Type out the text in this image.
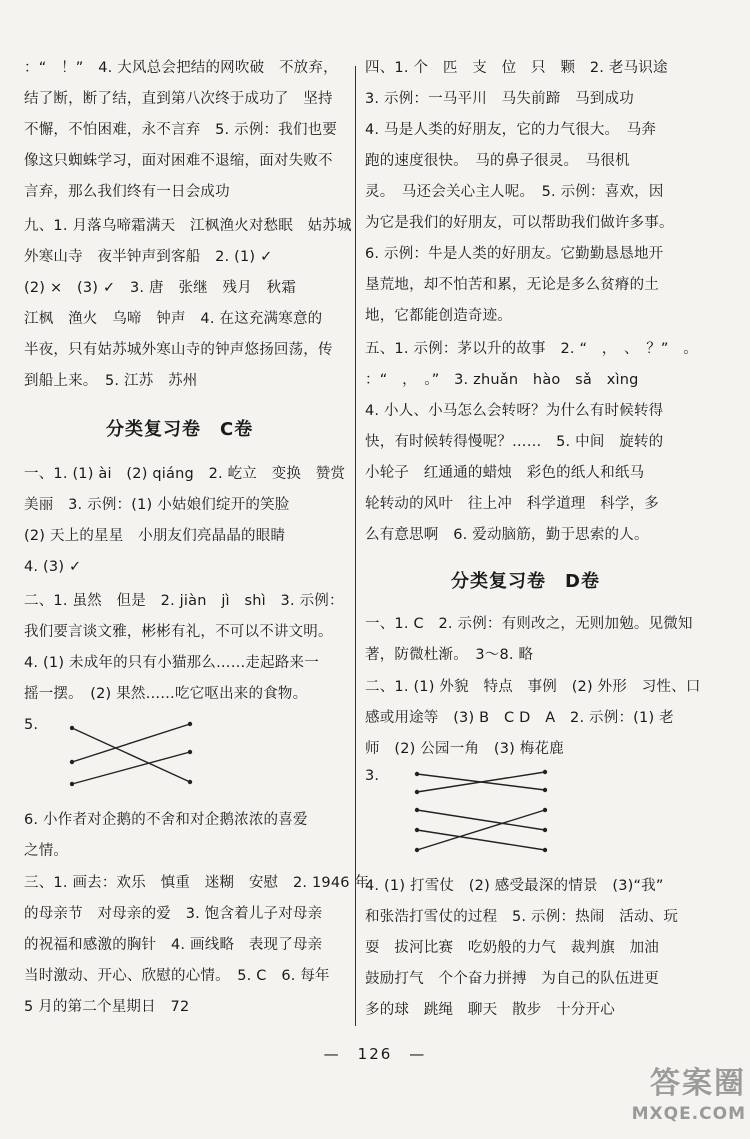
：“　！”　4. 大风总会把结的网吹破　不放弃，
结了断，断了结，直到第八次终于成功了　坚持
不懈，不怕困难，永不言弃　5. 示例：我们也要
像这只蜘蛛学习，面对困难不退缩，面对失败不
言弃，那么我们终有一日会成功
九、1. 月落乌啼霜满天　江枫渔火对愁眠　姑苏城
外寒山寺　夜半钟声到客船　2. (1) ✓
(2) ×　(3) ✓　3. 唐　张继　残月　秋霜
江枫　渔火　乌啼　钟声　4. 在这充满寒意的
半夜，只有姑苏城外寒山寺的钟声悠扬回荡，传
到船上来。　5. 江苏　苏州
分类复习卷　C卷
一、1. (1) ài　(2) qiáng　2. 屹立　变换　赞赏
美丽　3. 示例：(1) 小姑娘们绽开的笑脸
(2) 天上的星星　小朋友们亮晶晶的眼睛
4. (3) ✓
二、1. 虽然　但是　2. jiàn　jì　shì　3. 示例：
我们要言谈文雅，彬彬有礼，不可以不讲文明。
4. (1) 未成年的只有小猫那么……走起路来一
摇一摆。　(2) 果然……吃它呕出来的食物。
5.
6. 小作者对企鹅的不舍和对企鹅浓浓的喜爱
之情。
三、1. 画去：欢乐　慎重　迷糊　安慰　2. 1946 年
的母亲节　对母亲的爱　3. 饱含着儿子对母亲
的祝福和感激的胸针　4. 画线略　表现了母亲
当时激动、开心、欣慰的心情。　5. C　6. 每年
5 月的第二个星期日　72
四、1. 个　匹　支　位　只　颗　2. 老马识途
3. 示例：一马平川　马失前蹄　马到成功
4. 马是人类的好朋友，它的力气很大。　马奔
跑的速度很快。　马的鼻子很灵。　马很机
灵。　马还会关心主人呢。　5. 示例：喜欢，因
为它是我们的好朋友，可以帮助我们做许多事。
6. 示例：牛是人类的好朋友。它勤勤恳恳地开
垦荒地，却不怕苦和累，无论是多么贫瘠的土
地，它都能创造奇迹。
五、1. 示例：茅以升的故事　2. “　，　、　？”　。
：“　，　。”　3. zhuǎn　hào　sǎ　xìng
4. 小人、小马怎么会转呀？为什么有时候转得
快，有时候转得慢呢？……　5. 中间　旋转的
小轮子　红通通的蜡烛　彩色的纸人和纸马
轮转动的风叶　往上冲　科学道理　科学，多
么有意思啊　6. 爱动脑筋，勤于思索的人。
分类复习卷　D卷
一、1. C　2. 示例：有则改之，无则加勉。见微知
著，防微杜渐。　3～8. 略
二、1. (1) 外貌　特点　事例　(2) 外形　习性、口
感或用途等　(3) B　C D　A　2. 示例：(1) 老
师　(2) 公园一角　(3) 梅花鹿
3.
4. (1) 打雪仗　(2) 感受最深的情景　(3)“我”
和张浩打雪仗的过程　5. 示例：热闹　活动、玩
耍　拔河比赛　吃奶般的力气　裁判旗　加油
鼓励打气　个个奋力拼搏　为自己的队伍进更
多的球　跳绳　聊天　散步　十分开心
—　126　—
答案圈
MXQE.COM
